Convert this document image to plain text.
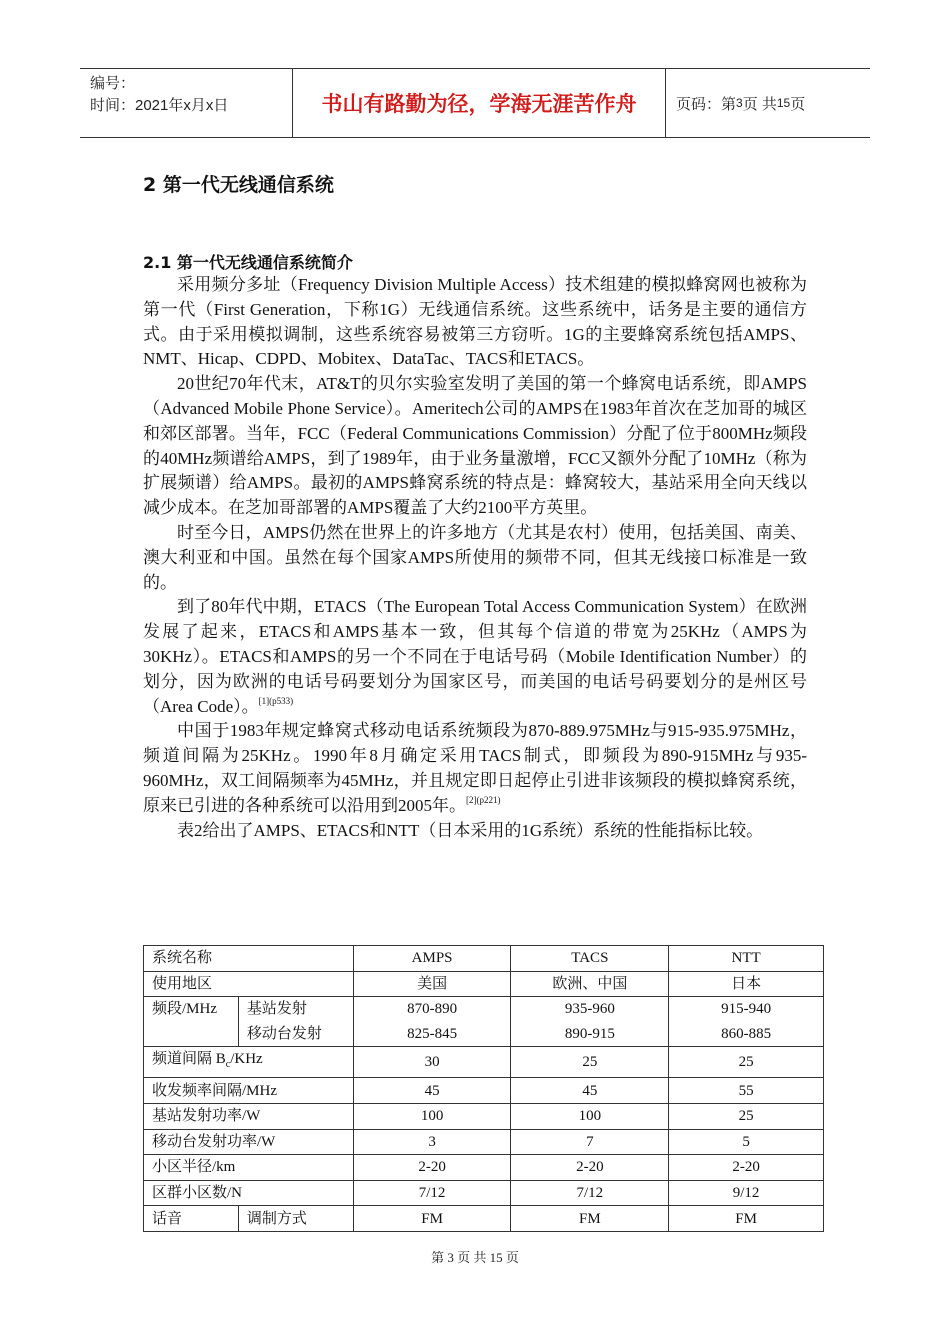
编号：
时间：2021年x月x日	书山有路勤为径，学海无涯苦作舟	页码：第 3 页 共 15 页
2 第一代无线通信系统
2.1 第一代无线通信系统简介

采用频分多址（Frequency Division Multiple Access）技术组建的模拟蜂窝网也被称为第一代（First Generation，下称1G）无线通信系统。这些系统中，话务是主要的通信方式。由于采用模拟调制，这些系统容易被第三方窃听。1G的主要蜂窝系统包括AMPS、NMT、Hicap、CDPD、Mobitex、DataTac、TACS和ETACS。

20世纪70年代末，AT&T的贝尔实验室发明了美国的第一个蜂窝电话系统，即AMPS（Advanced Mobile Phone Service）。Ameritech公司的AMPS在1983年首次在芝加哥的城区和郊区部署。当年，FCC（Federal Communications Commission）分配了位于800MHz频段的40MHz频谱给AMPS，到了1989年，由于业务量激增，FCC又额外分配了10MHz（称为扩展频谱）给AMPS。最初的AMPS蜂窝系统的特点是：蜂窝较大，基站采用全向天线以减少成本。在芝加哥部署的AMPS覆盖了大约2100平方英里。

时至今日，AMPS仍然在世界上的许多地方（尤其是农村）使用，包括美国、南美、澳大利亚和中国。虽然在每个国家AMPS所使用的频带不同，但其无线接口标准是一致的。

到了80年代中期，ETACS（The European Total Access Communication System）在欧洲发展了起来，ETACS和AMPS基本一致，但其每个信道的带宽为25KHz（AMPS为30KHz）。ETACS和AMPS的另一个不同在于电话号码（Mobile Identification Number）的划分，因为欧洲的电话号码要划分为国家区号，而美国的电话号码要划分的是州区号（Area Code）。$^{[1](p533)}$

中国于1983年规定蜂窝式移动电话系统频段为870-889.975MHz与915-935.975MHz，频道间隔为25KHz。1990年8月确定采用TACS制式，即频段为890-915MHz与935-960MHz，双工间隔频率为45MHz，并且规定即日起停止引进非该频段的模拟蜂窝系统，原来已引进的各种系统可以沿用到2005年。$^{[2](p221)}$

表2给出了AMPS、ETACS和NTT（日本采用的1G系统）系统的性能指标比较。

系统名称		AMPS	TACS	NTT
使用地区		美国	欧洲、中国	日本
频段/MHz	基站发射	870-890	935-960	915-940
	移动台发射	825-845	890-915	860-885
频道间隔 $B_c$/KHz		30	25	25
收发频率间隔/MHz		45	45	55
基站发射功率/W		100	100	25
移动台发射功率/W		3	7	5
小区半径/km		2-20	2-20	2-20
区群小区数/N		7/12	7/12	9/12
话音	调制方式	FM	FM	FM
第 3 页 共 15 页
